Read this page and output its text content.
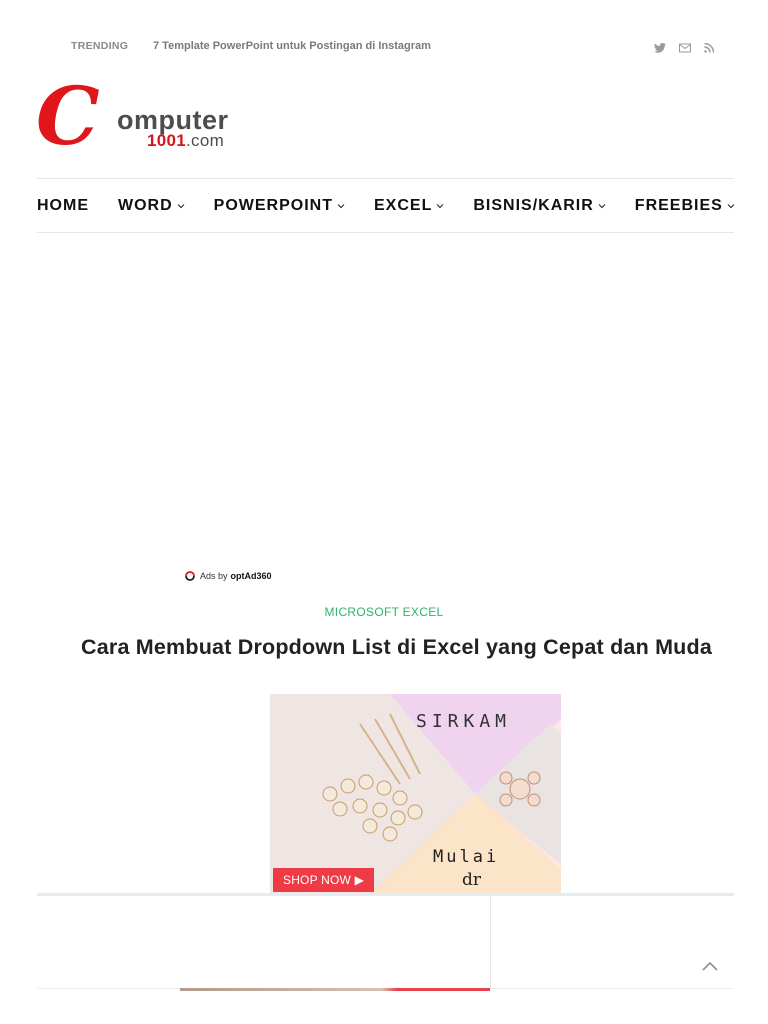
TRENDING 7 Template PowerPoint untuk Postingan di Instagram
C omputer
1001.com
HOME WORD	POWERPOINT	EXCEL	BISNIS/KARIR	FREEBIES
Ads by optAd360
MICROSOFT EXCEL
Cara Membuat Dropdown List di Excel yang Cepat dan Muda
SIRKAM
Mulai
dr
SHOP NOW ▶
